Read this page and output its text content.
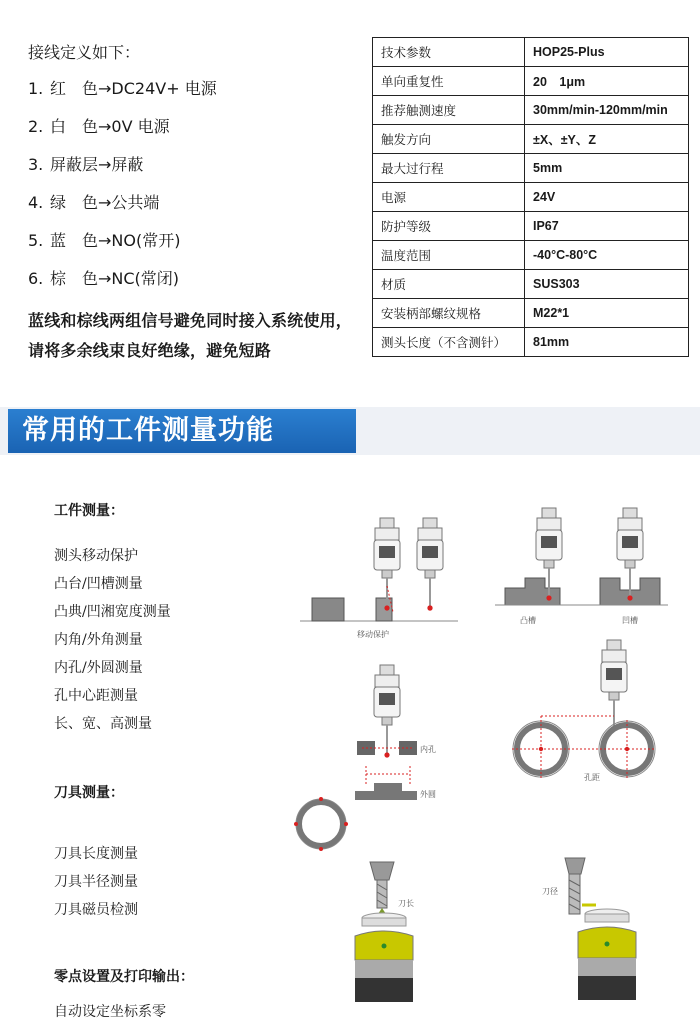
接线定义如下：
1. 红　色→DC24V+ 电源
2. 白　色→0V 电源
3. 屏蔽层→屏蔽
4. 绿　色→公共端
5. 蓝　色→NO(常开)
6. 棕　色→NC(常闭)
蓝线和棕线两组信号避免同时接入系统使用，请将多余线束良好绝缘，避免短路
技术参数	HOP25-Plus
单向重复性	20　1μm
推荐触测速度	30mm/min-120mm/min
触发方向	±X、±Y、Z
最大过行程	5mm
电源	24V
防护等级	IP67
温度范围	-40°C-80°C
材质	SUS303
安装柄部螺纹规格	M22*1
测头长度（不含测针）	81mm
常用的工件测量功能
工件测量：
测头移动保护
凸台/凹槽测量
凸典/凹湘宽度测量
内角/外角测量
内孔/外圆测量
孔中心距测量
长、宽、高测量
刀具测量：
刀具长度测量
刀具半径测量
刀具磁员检测
零点设置及打印输出：
自动设定坐标系零
移动保护
凸槽	凹槽
内孔
外圆
孔距
刀长
刀径
